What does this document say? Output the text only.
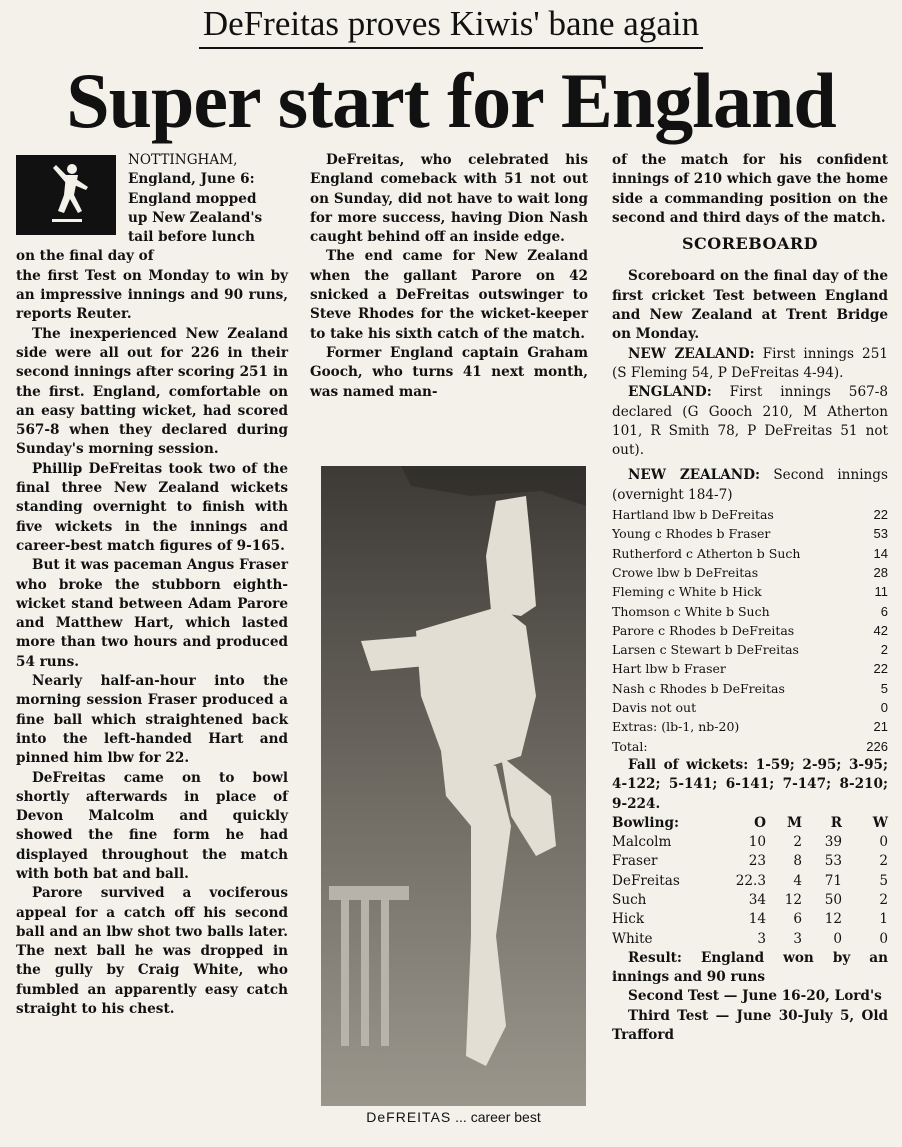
DeFreitas proves Kiwis' bane again
Super start for England

NOTTINGHAM,
England, June 6:
England mopped
up New Zealand's
tail before lunch
on the final day of

the first Test on Monday to win by an impressive innings and 90 runs, reports Reuter.

The inexperienced New Zealand side were all out for 226 in their second innings after scoring 251 in the first. England, comfortable on an easy batting wicket, had scored 567-8 when they declared during Sunday's morning session.

Phillip DeFreitas took two of the final three New Zealand wickets standing overnight to finish with five wickets in the innings and career-best match figures of 9-165.

But it was paceman Angus Fraser who broke the stubborn eighth-wicket stand between Adam Parore and Matthew Hart, which lasted more than two hours and produced 54 runs.

Nearly half-an-hour into the morning session Fraser produced a fine ball which straightened back into the left-handed Hart and pinned him lbw for 22.

DeFreitas came on to bowl shortly afterwards in place of Devon Malcolm and quickly showed the fine form he had displayed throughout the match with both bat and ball.

Parore survived a vociferous appeal for a catch off his second ball and an lbw shot two balls later. The next ball he was dropped in the gully by Craig White, who fumbled an apparently easy catch straight to his chest.

DeFreitas, who celebrated his England comeback with 51 not out on Sunday, did not have to wait long for more success, having Dion Nash caught behind off an inside edge.

The end came for New Zealand when the gallant Parore on 42 snicked a DeFreitas outswinger to Steve Rhodes for the wicket-keeper to take his sixth catch of the match.

Former England captain Graham Gooch, who turns 41 next month, was named man-

DeFREITAS ... career best

of the match for his confident innings of 210 which gave the home side a commanding position on the second and third days of the match.

SCOREBOARD

Scoreboard on the final day of the first cricket Test between England and New Zealand at Trent Bridge on Monday.

NEW ZEALAND: First innings 251 (S Fleming 54, P DeFreitas 4-94).

ENGLAND: First innings 567-8 declared (G Gooch 210, M Atherton 101, R Smith 78, P DeFreitas 51 not out).

NEW ZEALAND: Second innings (overnight 184-7)

Hartland lbw b DeFreitas	22
Young c Rhodes b Fraser	53
Rutherford c Atherton b Such	14
Crowe lbw b DeFreitas	28
Fleming c White b Hick	11
Thomson c White b Such	6
Parore c Rhodes b DeFreitas	42
Larsen c Stewart b DeFreitas	2
Hart lbw b Fraser	22
Nash c Rhodes b DeFreitas	5
Davis not out	0
Extras: (lb-1, nb-20)	21
Total:	226

Fall of wickets: 1-59; 2-95; 3-95; 4-122; 5-141; 6-141; 7-147; 8-210; 9-224.

Bowling:	O	M	R	W
Malcolm	10	2	39	0
Fraser	23	8	53	2
DeFreitas	22.3	4	71	5
Such	34	12	50	2
Hick	14	6	12	1
White	3	3	0	0

Result: England won by an innings and 90 runs

Second Test — June 16-20, Lord's

Third Test — June 30-July 5, Old Trafford
